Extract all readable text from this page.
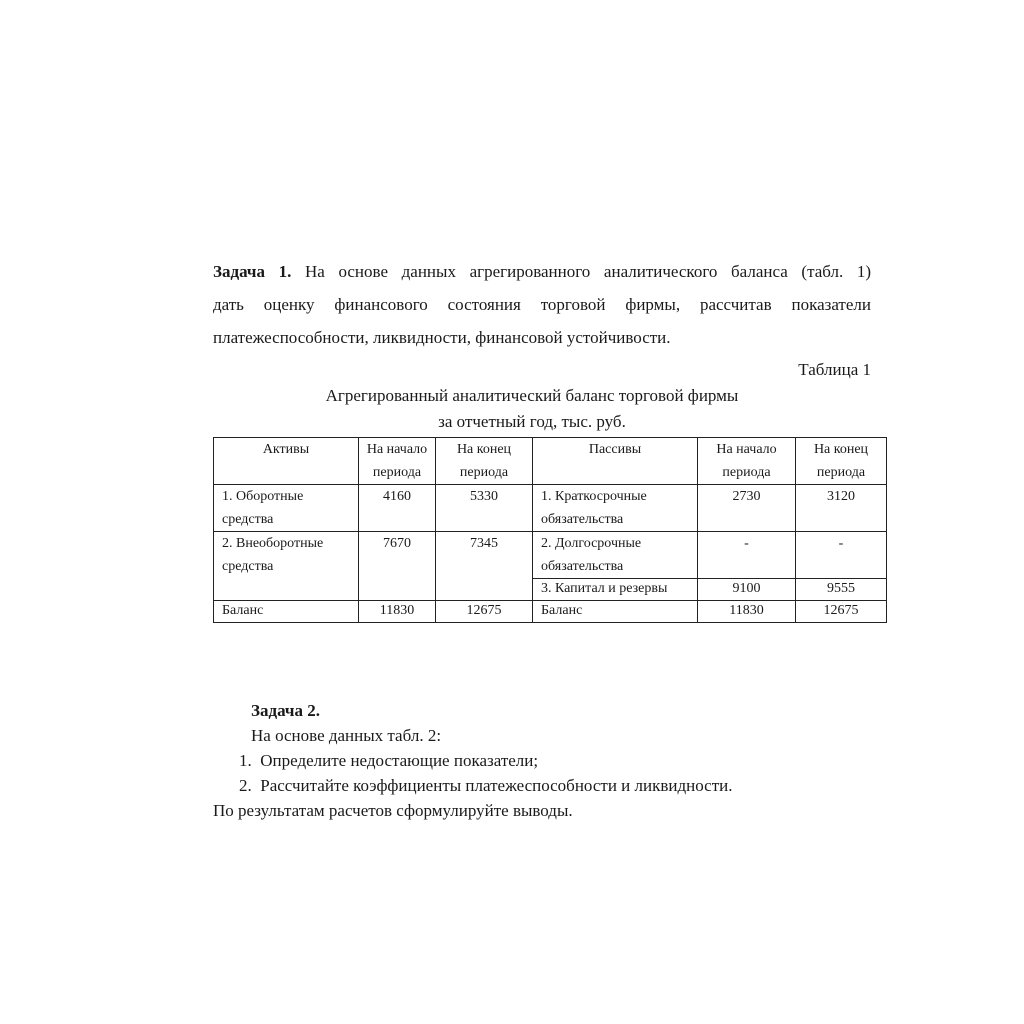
Задача 1. На основе данных агрегированного аналитического баланса (табл. 1)
дать оценку финансового состояния торговой фирмы, рассчитав показатели
платежеспособности, ликвидности, финансовой устойчивости.
Таблица 1
Агрегированный аналитический баланс торговой фирмы
за отчетный год, тыс. руб.
Активы	На начало периода	На конец периода	Пассивы	На начало периода	На конец периода
1. Оборотные средства	4160	5330	1. Краткосрочные обязательства	2730	3120
2. Внеоборотные средства	7670	7345	2. Долгосрочные обязательства	-	-
			3. Капитал и резервы	9100	9555
Баланс	11830	12675	Баланс	11830	12675
Задача 2.
На основе данных табл. 2:
1. Определите недостающие показатели;
2. Рассчитайте коэффициенты платежеспособности и ликвидности.
По результатам расчетов сформулируйте выводы.
